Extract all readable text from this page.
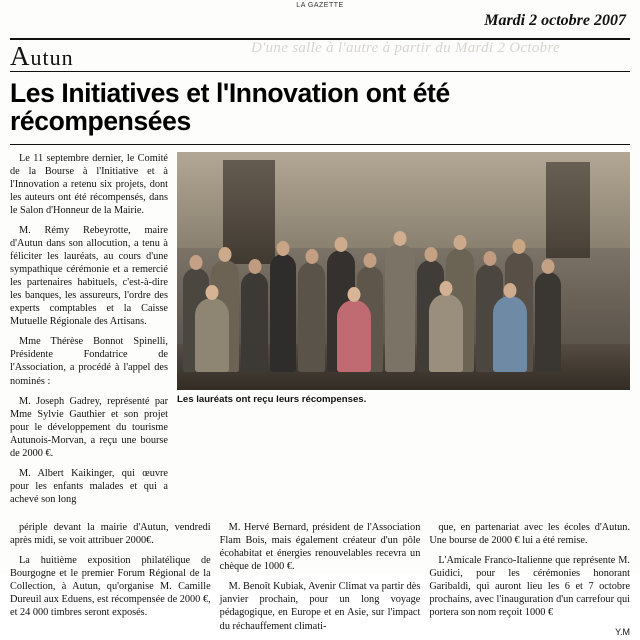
LA GAZETTE
Mardi 2 octobre 2007
D'une salle à l'autre à partir du Mardi 2 Octobre
Autun
Les Initiatives et l'Innovation ont été récompensées

Le 11 septembre dernier, le Comité de la Bourse à l'Initiative et à l'Innovation a retenu six projets, dont les auteurs ont été récompensés, dans le Salon d'Honneur de la Mairie.

M. Rémy Rebeyrotte, maire d'Autun dans son allocution, a tenu à féliciter les lauréats, au cours d'une sympathique cérémonie et a remercié les partenaires habituels, c'est-à-dire les banques, les assureurs, l'ordre des experts comptables et la Caisse Mutuelle Régionale des Artisans.

Mme Thérèse Bonnot Spinelli, Présidente Fondatrice de l'Association, a procédé à l'appel des nominés :

M. Joseph Gadrey, représenté par Mme Sylvie Gauthier et son projet pour le développement du tourisme Autunois-Morvan, a reçu une bourse de 2000 €.

M. Albert Kaikinger, qui œuvre pour les enfants malades et qui a achevé son long

Les lauréats ont reçu leurs récompenses.

périple devant la mairie d'Autun, vendredi après midi, se voit attribuer 2000€.

La huitième exposition philatélique de Bourgogne et le premier Forum Régional de la Collection, à Autun, qu'organise M. Camille Dureuil aux Eduens, est récompensée de 2000 €, et 24 000 timbres seront exposés.

M. Hervé Bernard, président de l'Association Flam Bois, mais également créateur d'un pôle écohabitat et énergies renouvelables recevra un chèque de 1000 €.

M. Benoît Kubiak, Avenir Climat va partir dès janvier prochain, pour un long voyage pédagogique, en Europe et en Asie, sur l'impact du réchauffement climati-

que, en partenariat avec les écoles d'Autun. Une bourse de 2000 € lui a été remise.

L'Amicale Franco-Italienne que représente M. Guidici, pour les cérémonies honorant Garibaldi, qui auront lieu les 6 et 7 octobre prochains, avec l'inauguration d'un carrefour qui portera son nom reçoit 1000 €

Y.M
